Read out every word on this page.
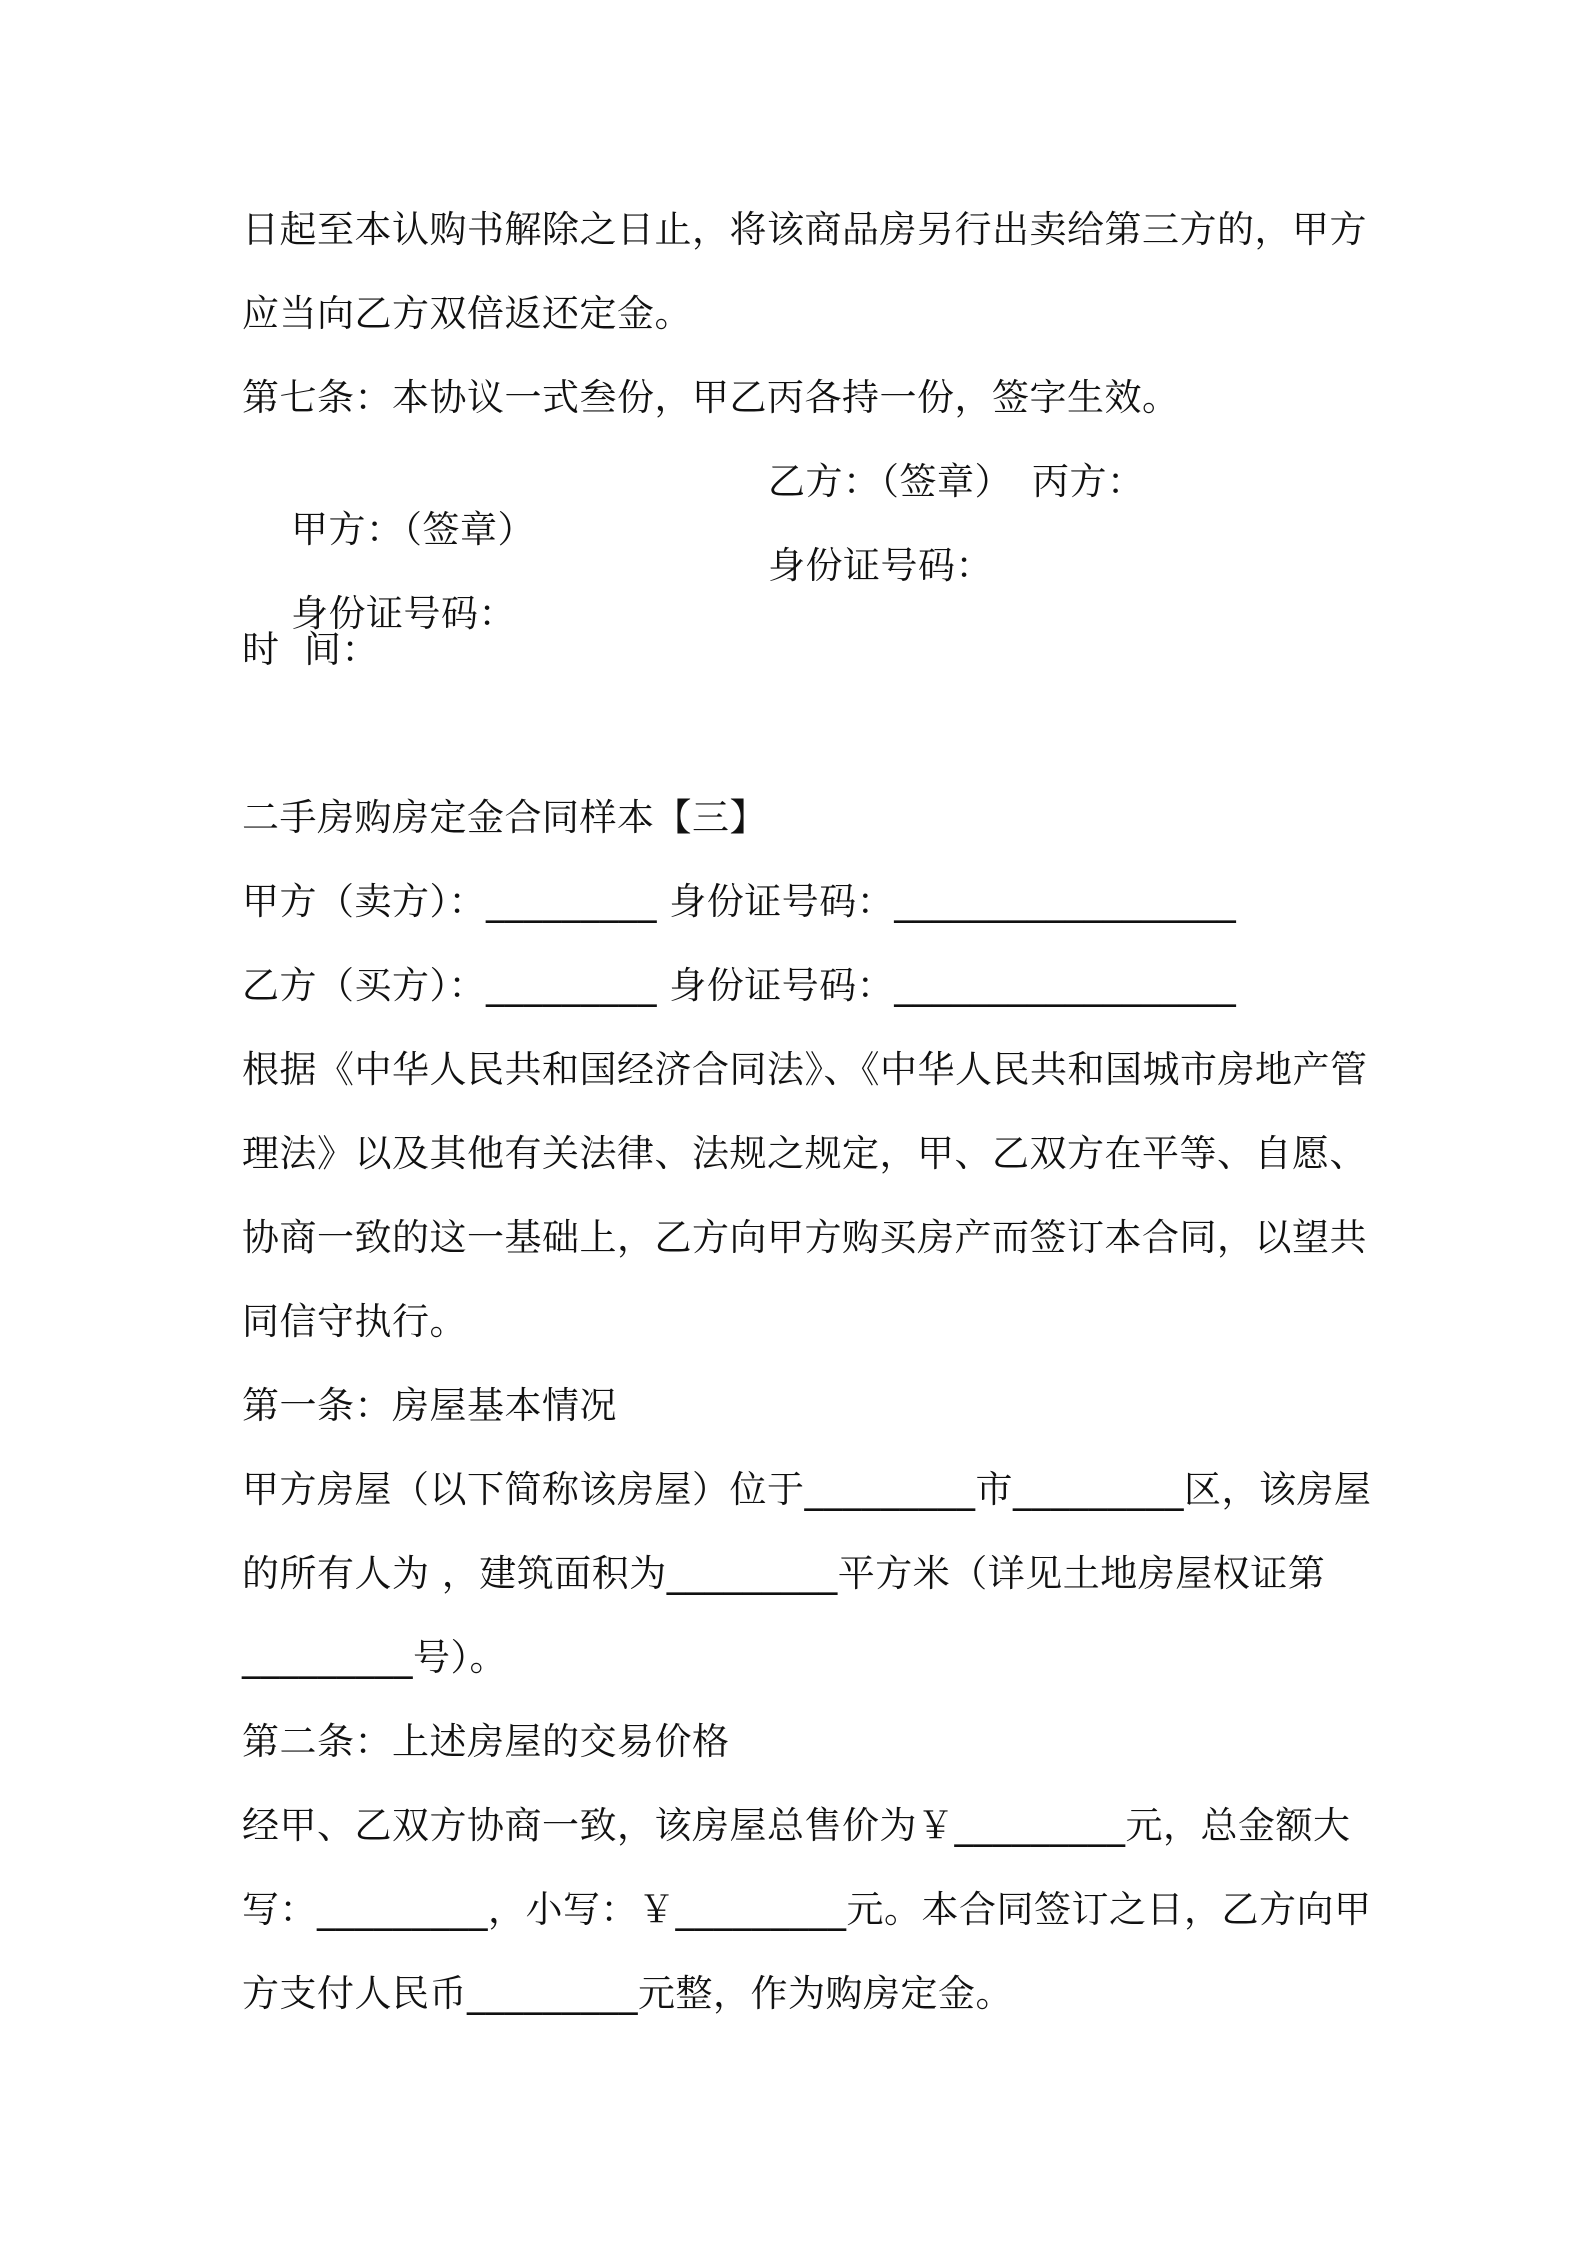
日起至本认购书解除之日止，将该商品房另行出卖给第三方的，甲方
应当向乙方双倍返还定金。
第七条：本协议一式叁份，甲乙丙各持一份，签字生效。

甲方：（签章）

乙方：（签章）

丙方：

身份证号码：

身份证号码：

时  间：
二手房购房定金合同样本【三】
甲方（卖方）：_________ 身份证号码：__________________
乙方（买方）：_________ 身份证号码：__________________
根据《中华人民共和国经济合同法》、《中华人民共和国城市房地产管
理法》以及其他有关法律、法规之规定，甲、乙双方在平等、自愿、
协商一致的这一基础上，乙方向甲方购买房产而签订本合同，以望共
同信守执行。
第一条：房屋基本情况
甲方房屋（以下简称该房屋）位于_________市_________区，该房屋
的所有人为 ，建筑面积为_________平方米（详见土地房屋权证第
_________号）。
第二条：上述房屋的交易价格
经甲、乙双方协商一致，该房屋总售价为￥_________元，总金额大
写：_________，小写：￥_________元。本合同签订之日，乙方向甲
方支付人民币_________元整，作为购房定金。
